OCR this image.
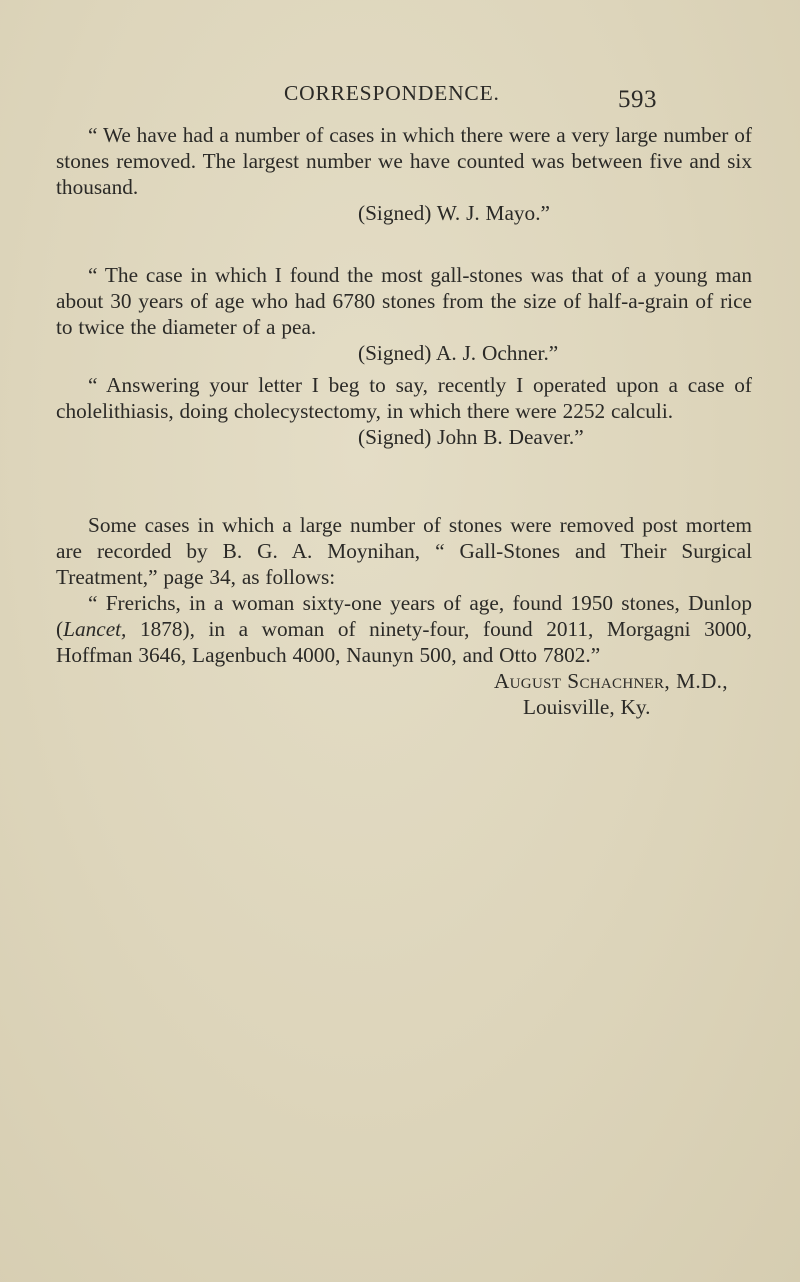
CORRESPONDENCE.	593

“ We have had a number of cases in which there were a very large number of stones removed. The largest number we have counted was between five and six thousand.

(Signed) W. J. Mayo.”

“ The case in which I found the most gall-stones was that of a young man about 30 years of age who had 6780 stones from the size of half-a-grain of rice to twice the diameter of a pea.

(Signed) A. J. Ochner.”

“ Answering your letter I beg to say, recently I operated upon a case of cholelithiasis, doing cholecystectomy, in which there were 2252 calculi.

(Signed) John B. Deaver.”

Some cases in which a large number of stones were removed post mortem are recorded by B. G. A. Moynihan, “ Gall-Stones and Their Surgical Treatment,” page 34, as follows:

“ Frerichs, in a woman sixty-one years of age, found 1950 stones, Dunlop (Lancet, 1878), in a woman of ninety-four, found 2011, Morgagni 3000, Hoffman 3646, Lagenbuch 4000, Naunyn 500, and Otto 7802.”

August Schachner, M.D.,

Louisville, Ky.
